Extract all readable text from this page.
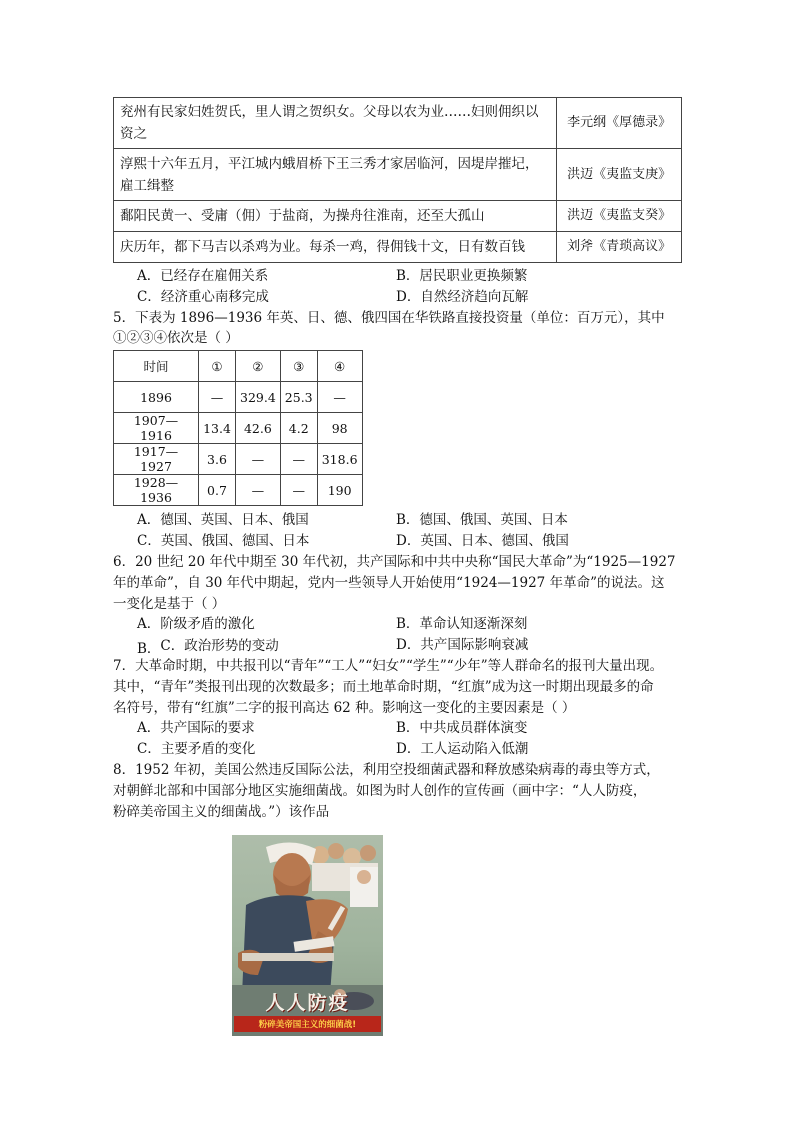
兖州有民家妇姓贺氏，里人谓之贺织女。父母以农为业……妇则佣织以资之	李元纲《厚德录》
淳熙十六年五月，平江城内蛾眉桥下王三秀才家居临河，因堤岸摧圮，雇工缉整	洪迈《夷监支庚》
鄱阳民黄一、受庸（佣）于盐商，为操舟往淮南，还至大孤山	洪迈《夷监支癸》
庆历年，都下马吉以杀鸡为业。每杀一鸡，得佣钱十文，日有数百钱	刘斧《青琐高议》
A．已经存在雇佣关系	B．居民职业更换频繁
C．经济重心南移完成	D．自然经济趋向瓦解
5．下表为 1896—1936 年英、日、德、俄四国在华铁路直接投资量（单位：百万元），其中
①②③④依次是（ ）
时间	①	②	③	④
1896	—	329.4	25.3	—
1907—1916	13.4	42.6	4.2	98
1917—1927	3.6	—	—	318.6
1928—1936	0.7	—	—	190
A．德国、英国、日本、俄国	B．德国、俄国、英国、日本
C．英国、俄国、德国、日本	D．英国、日本、德国、俄国
6．20 世纪 20 年代中期至 30 年代初，共产国际和中共中央称“国民大革命”为“1925—1927
年的革命”，自 30 年代中期起，党内一些领导人开始使用“1924—1927 年革命”的说法。这
一变化是基于（ ）
A．阶级矛盾的激化	B．革命认知逐渐深刻
B．C．政治形势的变动	D．共产国际影响衰减
7．大革命时期，中共报刊以“青年”“工人”“妇女”“学生”“少年”等人群命名的报刊大量出现。
其中，“青年”类报刊出现的次数最多；而土地革命时期，“红旗”成为这一时期出现最多的命
名符号，带有“红旗”二字的报刊高达 62 种。影响这一变化的主要因素是（ ）
A．共产国际的要求	B．中共成员群体演变
C．主要矛盾的变化	D．工人运动陷入低潮
8．1952 年初，美国公然违反国际公法，利用空投细菌武器和释放感染病毒的毒虫等方式，
对朝鲜北部和中国部分地区实施细菌战。如图为时人创作的宣传画（画中字：“人人防疫，
粉碎美帝国主义的细菌战。”）该作品
人人防疫
粉碎美帝国主义的细菌战!
